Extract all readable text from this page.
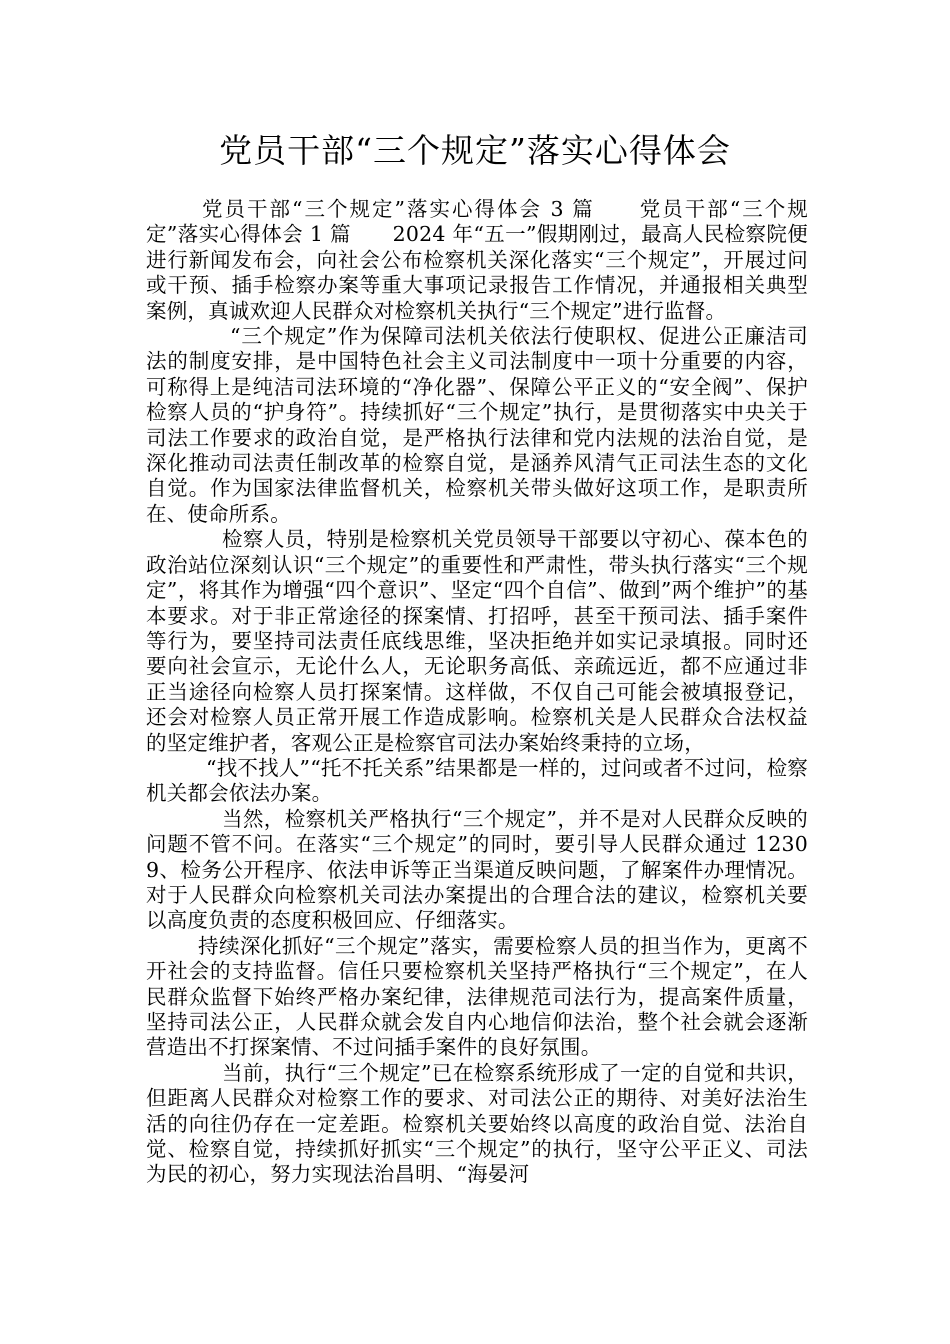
党员干部“三个规定”落实心得体会

党员干部“三个规定”落实心得体会 3 篇　　党员干部“三个规定”落实心得体会 1 篇　　2024 年“五一”假期刚过，最高人民检察院便进行新闻发布会，向社会公布检察机关深化落实“三个规定”，开展过问或干预、插手检察办案等重大事项记录报告工作情况，并通报相关典型案例，真诚欢迎人民群众对检察机关执行“三个规定”进行监督。

“三个规定”作为保障司法机关依法行使职权、促进公正廉洁司法的制度安排，是中国特色社会主义司法制度中一项十分重要的内容，可称得上是纯洁司法环境的“净化器”、保障公平正义的“安全阀”、保护检察人员的“护身符”。持续抓好“三个规定”执行，是贯彻落实中央关于司法工作要求的政治自觉，是严格执行法律和党内法规的法治自觉，是深化推动司法责任制改革的检察自觉，是涵养风清气正司法生态的文化自觉。作为国家法律监督机关，检察机关带头做好这项工作，是职责所在、使命所系。

检察人员，特别是检察机关党员领导干部要以守初心、葆本色的政治站位深刻认识“三个规定”的重要性和严肃性，带头执行落实“三个规定”，将其作为增强“四个意识”、坚定“四个自信”、做到”两个维护”的基本要求。对于非正常途径的探案情、打招呼，甚至干预司法、插手案件等行为，要坚持司法责任底线思维，坚决拒绝并如实记录填报。同时还要向社会宣示，无论什么人，无论职务高低、亲疏远近，都不应通过非正当途径向检察人员打探案情。这样做，不仅自己可能会被填报登记，还会对检察人员正常开展工作造成影响。检察机关是人民群众合法权益的坚定维护者，客观公正是检察官司法办案始终秉持的立场，

“找不找人”“托不托关系”结果都是一样的，过问或者不过问，检察机关都会依法办案。

当然，检察机关严格执行“三个规定”，并不是对人民群众反映的问题不管不问。在落实“三个规定”的同时，要引导人民群众通过 12309、检务公开程序、依法申诉等正当渠道反映问题，了解案件办理情况。对于人民群众向检察机关司法办案提出的合理合法的建议，检察机关要以高度负责的态度积极回应、仔细落实。

持续深化抓好“三个规定”落实，需要检察人员的担当作为，更离不开社会的支持监督。信任只要检察机关坚持严格执行“三个规定”，在人民群众监督下始终严格办案纪律，法律规范司法行为，提高案件质量，坚持司法公正，人民群众就会发自内心地信仰法治，整个社会就会逐渐营造出不打探案情、不过问插手案件的良好氛围。

当前，执行“三个规定”已在检察系统形成了一定的自觉和共识，但距离人民群众对检察工作的要求、对司法公正的期待、对美好法治生活的向往仍存在一定差距。检察机关要始终以高度的政治自觉、法治自觉、检察自觉，持续抓好抓实“三个规定”的执行，坚守公平正义、司法为民的初心，努力实现法治昌明、“海晏河
